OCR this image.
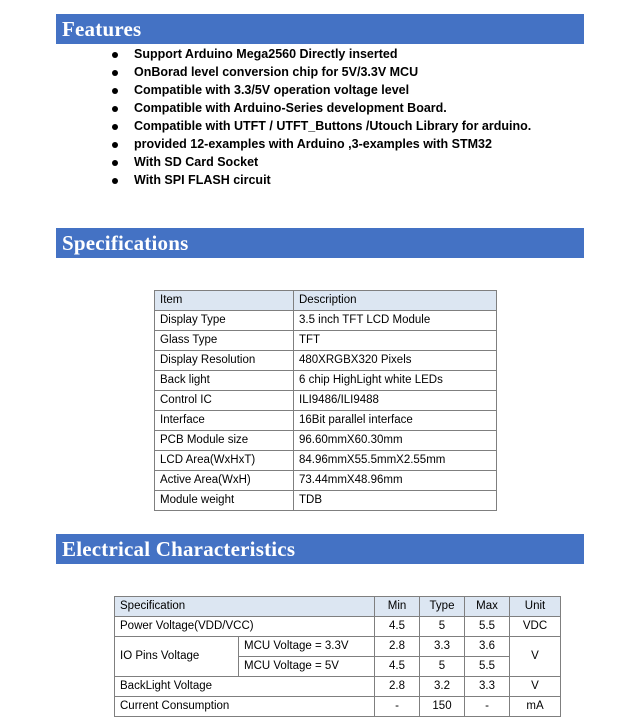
Features
Support Arduino Mega2560 Directly inserted
OnBorad level conversion chip for 5V/3.3V MCU
Compatible with 3.3/5V operation voltage level
Compatible with Arduino-Series development Board.
Compatible with UTFT / UTFT_Buttons /Utouch Library for arduino.
provided 12-examples with Arduino ,3-examples with STM32
With SD Card Socket
With SPI FLASH circuit
Specifications
Item	Description
Display Type	3.5 inch TFT LCD Module
Glass Type	TFT
Display Resolution	480XRGBX320 Pixels
Back light	6 chip HighLight white LEDs
Control IC	ILI9486/ILI9488
Interface	16Bit parallel interface
PCB Module size	96.60mmX60.30mm
LCD Area(WxHxT)	84.96mmX55.5mmX2.55mm
Active Area(WxH)	73.44mmX48.96mm
Module weight	TDB
Electrical Characteristics
Specification		Min	Type	Max	Unit
Power Voltage(VDD/VCC)		4.5	5	5.5	VDC
IO Pins Voltage	MCU Voltage = 3.3V	2.8	3.3	3.6	V
	MCU Voltage = 5V	4.5	5	5.5	
BackLight Voltage		2.8	3.2	3.3	V
Current Consumption		-	150	-	mA
